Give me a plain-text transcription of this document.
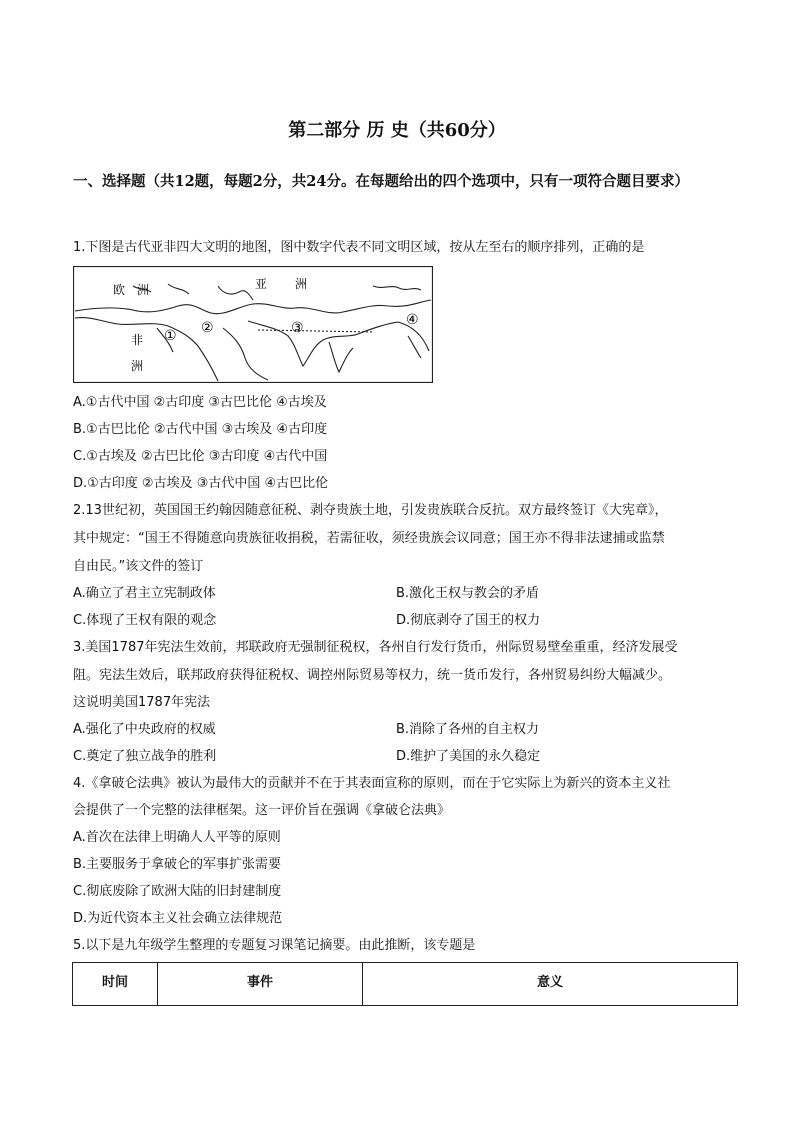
第二部分 历 史（共60分）
一、选择题（共12题，每题2分，共24分。在每题给出的四个选项中，只有一项符合题目要求）
1.下图是古代亚非四大文明的地图，图中数字代表不同文明区域，按从左至右的顺序排列，正确的是
欧　洲	亚 洲
非
洲
① ②	③	④
A.①古代中国 ②古印度 ③古巴比伦 ④古埃及
B.①古巴比伦 ②古代中国 ③古埃及 ④古印度
C.①古埃及 ②古巴比伦 ③古印度 ④古代中国
D.①古印度 ②古埃及 ③古代中国 ④古巴比伦
2.13世纪初，英国国王约翰因随意征税、剥夺贵族土地，引发贵族联合反抗。双方最终签订《大宪章》，
其中规定：“国王不得随意向贵族征收捐税，若需征收，须经贵族会议同意；国王亦不得非法逮捕或监禁
自由民。”该文件的签订
A.确立了君主立宪制政体	B.激化王权与教会的矛盾
C.体现了王权有限的观念	D.彻底剥夺了国王的权力
3.美国1787年宪法生效前，邦联政府无强制征税权，各州自行发行货币，州际贸易壁垒重重，经济发展受
阻。宪法生效后，联邦政府获得征税权、调控州际贸易等权力，统一货币发行，各州贸易纠纷大幅减少。
这说明美国1787年宪法
A.强化了中央政府的权威	B.消除了各州的自主权力
C.奠定了独立战争的胜利	D.维护了美国的永久稳定
4.《拿破仑法典》被认为最伟大的贡献并不在于其表面宣称的原则，而在于它实际上为新兴的资本主义社
会提供了一个完整的法律框架。这一评价旨在强调《拿破仑法典》
A.首次在法律上明确人人平等的原则
B.主要服务于拿破仑的军事扩张需要
C.彻底废除了欧洲大陆的旧封建制度
D.为近代资本主义社会确立法律规范
5.以下是九年级学生整理的专题复习课笔记摘要。由此推断，该专题是
时间	事件	意义
